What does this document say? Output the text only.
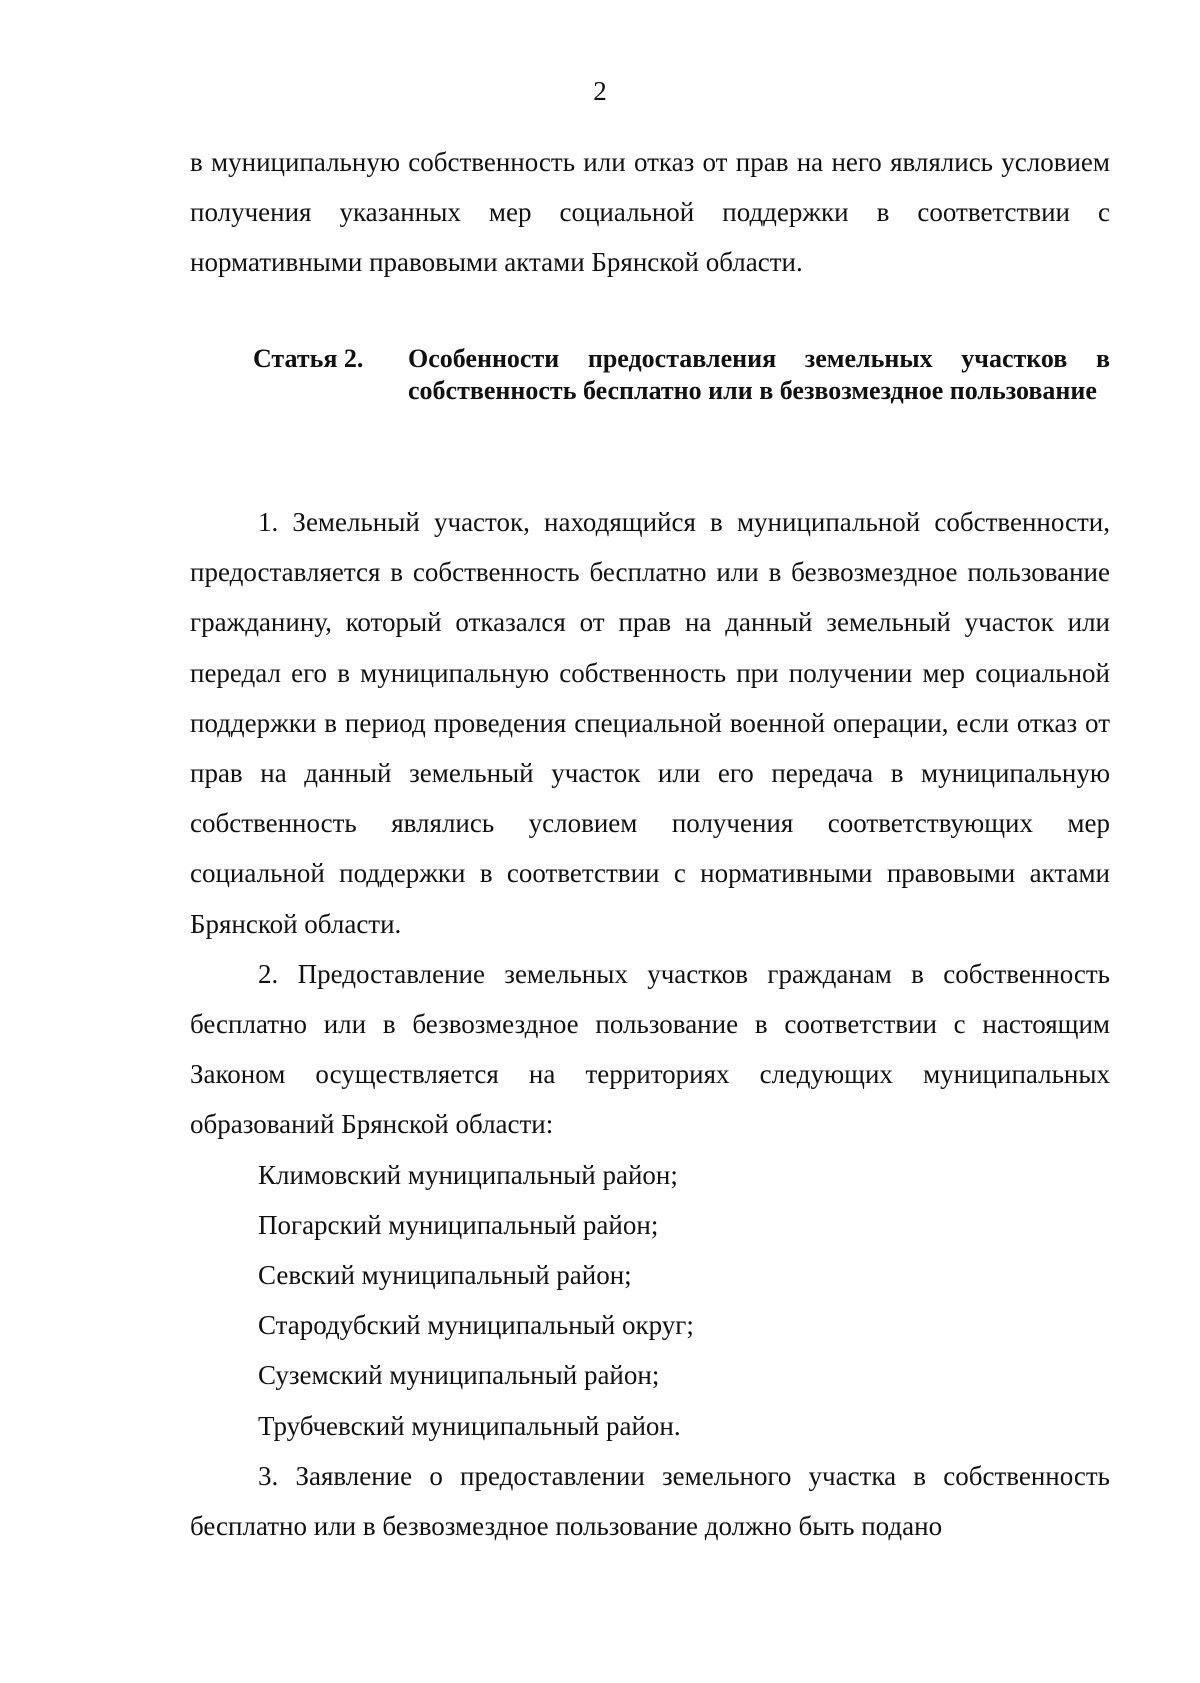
2

в муниципальную собственность или отказ от прав на него являлись условием получения указанных мер социальной поддержки в соответствии с нормативными правовыми актами Брянской области.

Статья 2.	Особенности предоставления земельных участков в собственность бесплатно или в безвозмездное пользование

1. Земельный участок, находящийся в муниципальной собственности, предоставляется в собственность бесплатно или в безвозмездное пользование гражданину, который отказался от прав на данный земельный участок или передал его в муниципальную собственность при получении мер социальной поддержки в период проведения специальной военной операции, если отказ от прав на данный земельный участок или его передача в муниципальную собственность являлись условием получения соответствующих мер социальной поддержки в соответствии с нормативными правовыми актами Брянской области.

2. Предоставление земельных участков гражданам в собственность бесплатно или в безвозмездное пользование в соответствии с настоящим Законом осуществляется на территориях следующих муниципальных образований Брянской области:

Климовский муниципальный район;
Погарский муниципальный район;
Севский муниципальный район;
Стародубский муниципальный округ;
Суземский муниципальный район;
Трубчевский муниципальный район.

3. Заявление о предоставлении земельного участка в собственность бесплатно или в безвозмездное пользование должно быть подано
